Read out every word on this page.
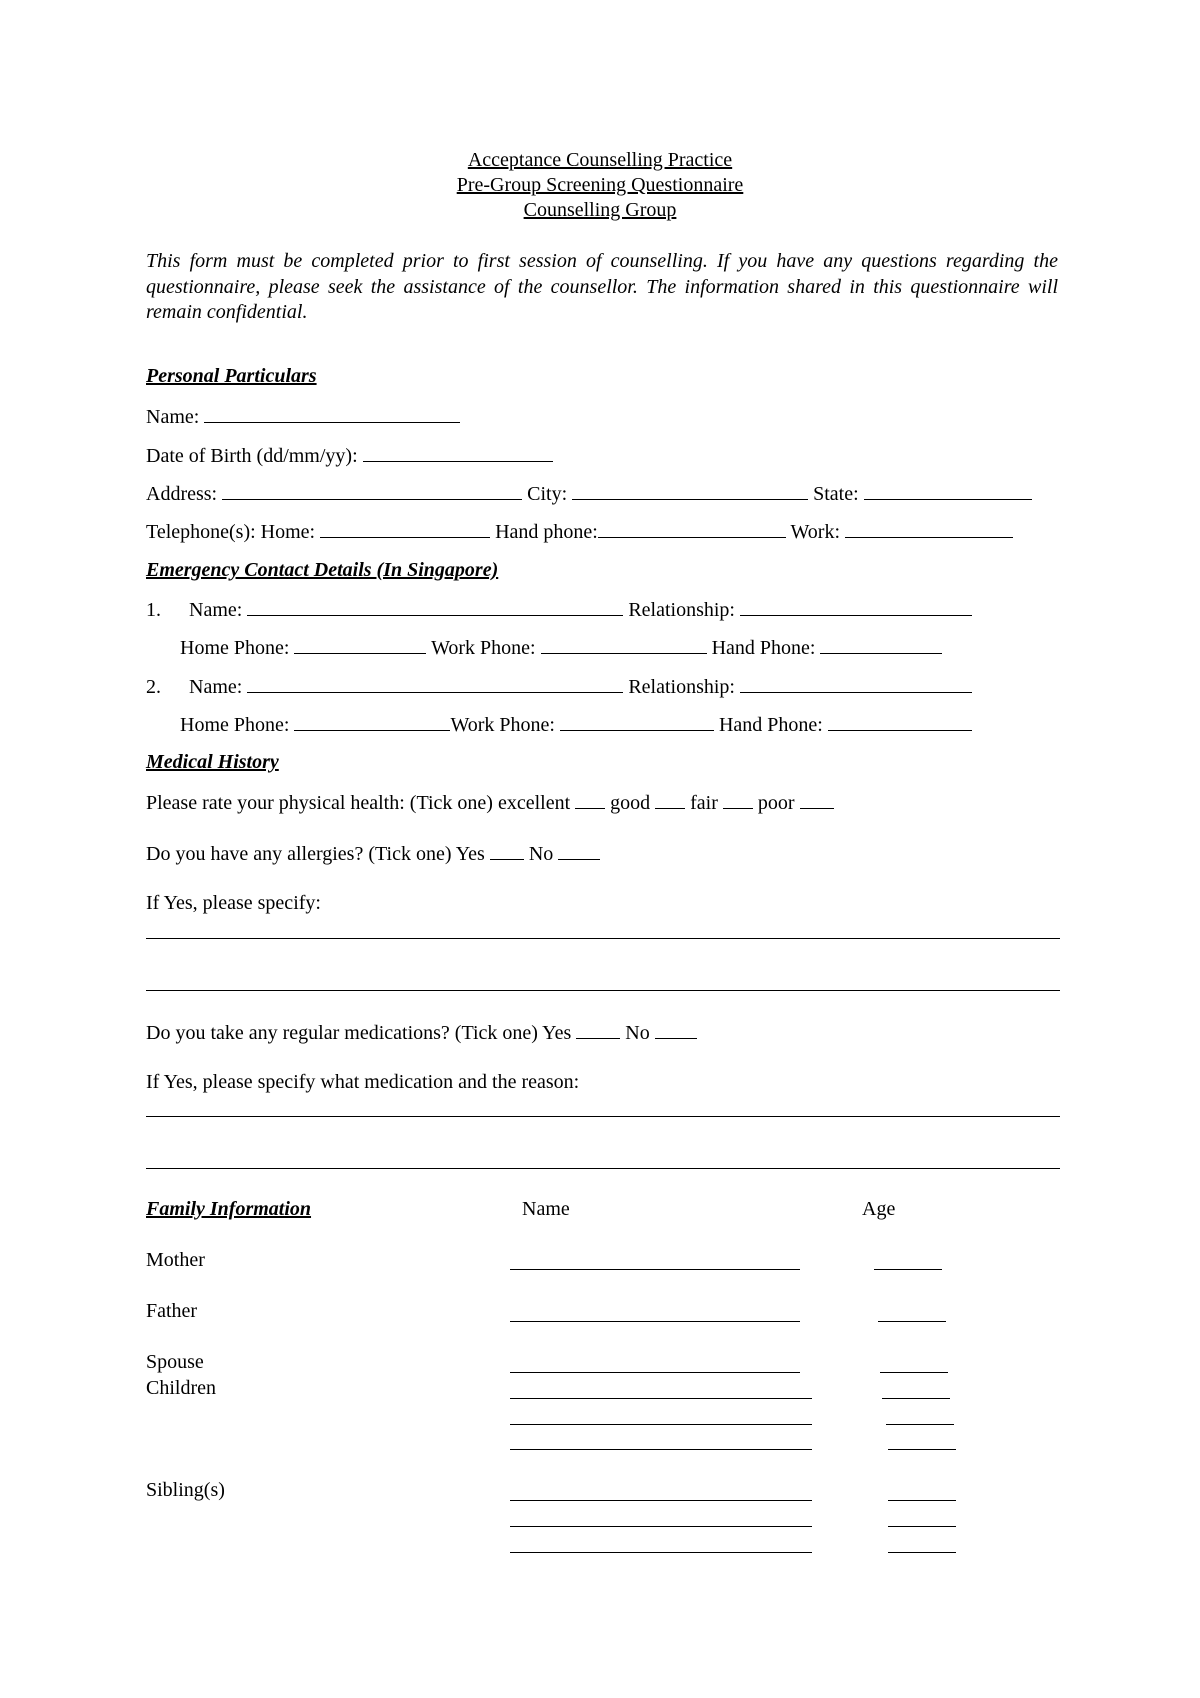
Acceptance Counselling Practice
Pre-Group Screening Questionnaire
Counselling Group
This form must be completed prior to first session of counselling. If you have any questions regarding the questionnaire, please seek the assistance of the counsellor. The information shared in this questionnaire will remain confidential.
Personal Particulars
Name:
Date of Birth (dd/mm/yy):
Address:	City:	State:
Telephone(s): Home:	Hand phone:	Work:
Emergency Contact Details (In Singapore)
1. Name:	Relationship:
Home Phone:	Work Phone:	Hand Phone:
2. Name:	Relationship:
Home Phone:	Work Phone:	Hand Phone:
Medical History
Please rate your physical health: (Tick one) excellent good fair poor
Do you have any allergies? (Tick one) Yes No
If Yes, please specify:
Do you take any regular medications? (Tick one) Yes	No
If Yes, please specify what medication and the reason:
Family Information	Name	Age
Mother
Father
Spouse
Children
Sibling(s)
